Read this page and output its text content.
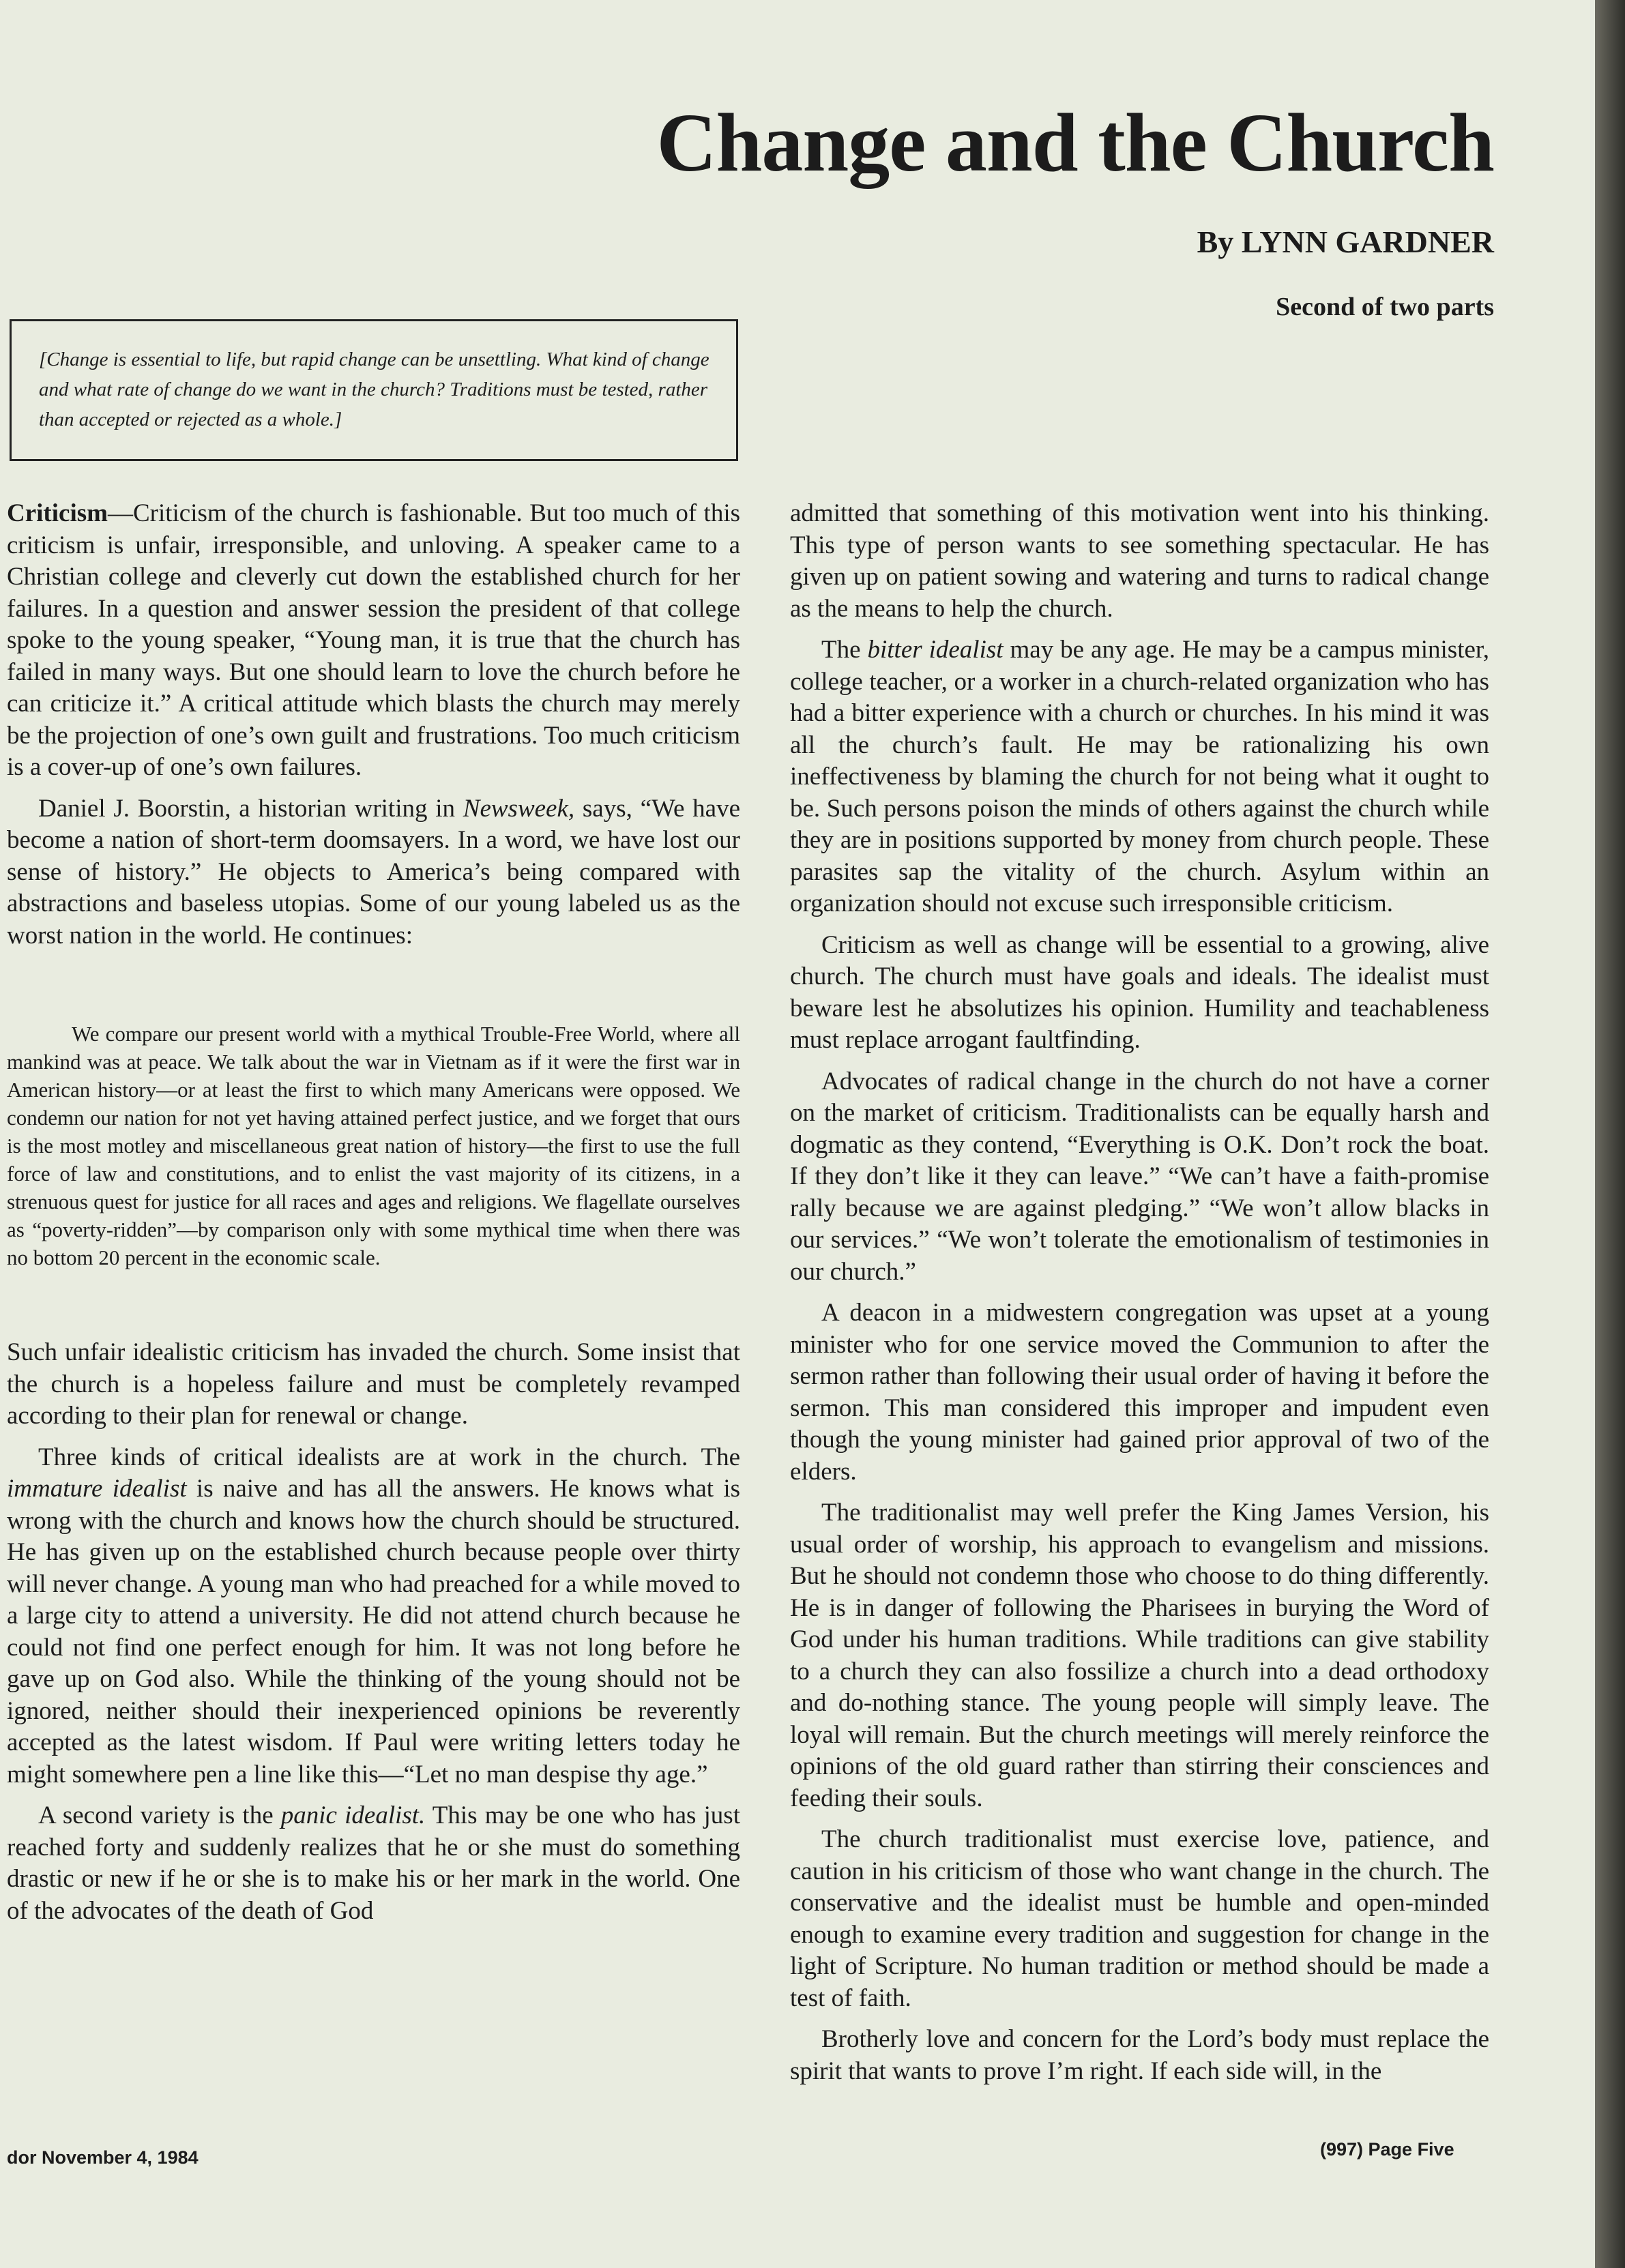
Change and the Church
By LYNN GARDNER
Second of two parts

[Change is essential to life, but rapid change can be unsettling. What kind of change and what rate of change do we want in the church? Traditions must be tested, rather than accepted or rejected as a whole.]

Criticism—Criticism of the church is fashionable. But too much of this criticism is unfair, irresponsible, and unloving. A speaker came to a Christian college and cleverly cut down the established church for her failures. In a question and answer session the president of that college spoke to the young speaker, “Young man, it is true that the church has failed in many ways. But one should learn to love the church before he can criticize it.” A critical attitude which blasts the church may merely be the projection of one’s own guilt and frustrations. Too much criticism is a cover-up of one’s own failures.

Daniel J. Boorstin, a historian writing in Newsweek, says, “We have become a nation of short-term doomsayers. In a word, we have lost our sense of history.” He objects to America’s being compared with abstractions and baseless utopias. Some of our young labeled us as the worst nation in the world. He continues:

We compare our present world with a mythical Trouble-Free World, where all mankind was at peace. We talk about the war in Vietnam as if it were the first war in American history—or at least the first to which many Americans were opposed. We condemn our nation for not yet having attained perfect justice, and we forget that ours is the most motley and miscellaneous great nation of history—the first to use the full force of law and constitutions, and to enlist the vast majority of its citizens, in a strenuous quest for justice for all races and ages and religions. We flagellate ourselves as “poverty-ridden”—by comparison only with some mythical time when there was no bottom 20 percent in the economic scale.

Such unfair idealistic criticism has invaded the church. Some insist that the church is a hopeless failure and must be completely revamped according to their plan for renewal or change.

Three kinds of critical idealists are at work in the church. The immature idealist is naive and has all the answers. He knows what is wrong with the church and knows how the church should be structured. He has given up on the established church because people over thirty will never change. A young man who had preached for a while moved to a large city to attend a university. He did not attend church because he could not find one perfect enough for him. It was not long before he gave up on God also. While the thinking of the young should not be ignored, neither should their inexperienced opinions be reverently accepted as the latest wisdom. If Paul were writing letters today he might somewhere pen a line like this—“Let no man despise thy age.”

A second variety is the panic idealist. This may be one who has just reached forty and suddenly realizes that he or she must do something drastic or new if he or she is to make his or her mark in the world. One of the advocates of the death of God

admitted that something of this motivation went into his thinking. This type of person wants to see something spectacular. He has given up on patient sowing and watering and turns to radical change as the means to help the church.

The bitter idealist may be any age. He may be a campus minister, college teacher, or a worker in a church-related organization who has had a bitter experience with a church or churches. In his mind it was all the church’s fault. He may be rationalizing his own ineffectiveness by blaming the church for not being what it ought to be. Such persons poison the minds of others against the church while they are in positions supported by money from church people. These parasites sap the vitality of the church. Asylum within an organization should not excuse such irresponsible criticism.

Criticism as well as change will be essential to a growing, alive church. The church must have goals and ideals. The idealist must beware lest he absolutizes his opinion. Humility and teachableness must replace arrogant faultfinding.

Advocates of radical change in the church do not have a corner on the market of criticism. Traditionalists can be equally harsh and dogmatic as they contend, “Everything is O.K. Don’t rock the boat. If they don’t like it they can leave.” “We can’t have a faith-promise rally because we are against pledging.” “We won’t allow blacks in our services.” “We won’t tolerate the emotionalism of testimonies in our church.”

A deacon in a midwestern congregation was upset at a young minister who for one service moved the Communion to after the sermon rather than following their usual order of having it before the sermon. This man considered this improper and impudent even though the young minister had gained prior approval of two of the elders.

The traditionalist may well prefer the King James Version, his usual order of worship, his approach to evangelism and missions. But he should not condemn those who choose to do thing differently. He is in danger of following the Pharisees in burying the Word of God under his human traditions. While traditions can give stability to a church they can also fossilize a church into a dead orthodoxy and do-nothing stance. The young people will simply leave. The loyal will remain. But the church meetings will merely reinforce the opinions of the old guard rather than stirring their consciences and feeding their souls.

The church traditionalist must exercise love, patience, and caution in his criticism of those who want change in the church. The conservative and the idealist must be humble and open-minded enough to examine every tradition and suggestion for change in the light of Scripture. No human tradition or method should be made a test of faith.

Brotherly love and concern for the Lord’s body must replace the spirit that wants to prove I’m right. If each side will, in the

dor November 4, 1984	(997) Page Five
